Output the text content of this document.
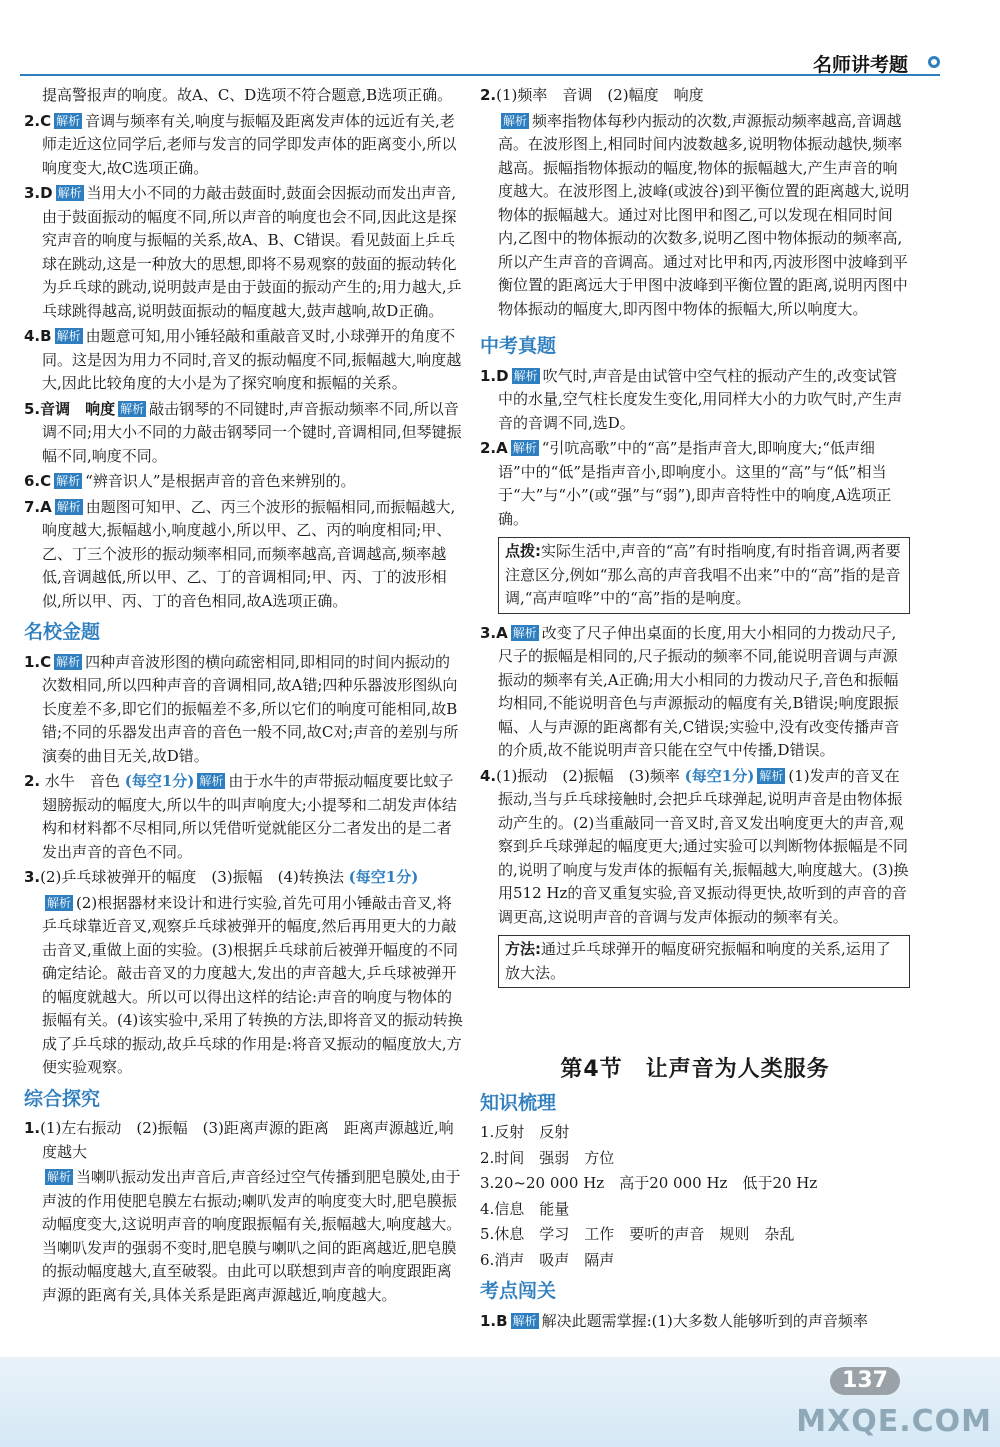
名师讲考题

提高警报声的响度。故A、C、D选项不符合题意,B选项正确。

2.C 解析 音调与频率有关,响度与振幅及距离发声体的远近有关,老师走近这位同学后,老师与发言的同学即发声体的距离变小,所以响度变大,故C选项正确。

3.D 解析 当用大小不同的力敲击鼓面时,鼓面会因振动而发出声音,由于鼓面振动的幅度不同,所以声音的响度也会不同,因此这是探究声音的响度与振幅的关系,故A、B、C错误。看见鼓面上乒乓球在跳动,这是一种放大的思想,即将不易观察的鼓面的振动转化为乒乓球的跳动,说明鼓声是由于鼓面的振动产生的;用力越大,乒乓球跳得越高,说明鼓面振动的幅度越大,鼓声越响,故D正确。

4.B 解析 由题意可知,用小锤轻敲和重敲音叉时,小球弹开的角度不同。这是因为用力不同时,音叉的振动幅度不同,振幅越大,响度越大,因此比较角度的大小是为了探究响度和振幅的关系。

5.音调　响度 解析 敲击钢琴的不同键时,声音振动频率不同,所以音调不同;用大小不同的力敲击钢琴同一个键时,音调相同,但琴键振幅不同,响度不同。

6.C 解析 “辨音识人”是根据声音的音色来辨别的。

7.A 解析 由题图可知甲、乙、丙三个波形的振幅相同,而振幅越大,响度越大,振幅越小,响度越小,所以甲、乙、丙的响度相同;甲、乙、丁三个波形的振动频率相同,而频率越高,音调越高,频率越低,音调越低,所以甲、乙、丁的音调相同;甲、丙、丁的波形相似,所以甲、丙、丁的音色相同,故A选项正确。

名校金题

1.C 解析 四种声音波形图的横向疏密相同,即相同的时间内振动的次数相同,所以四种声音的音调相同,故A错;四种乐器波形图纵向长度差不多,即它们的振幅差不多,所以它们的响度可能相同,故B错;不同的乐器发出声音的音色一般不同,故C对;声音的差别与所演奏的曲目无关,故D错。

2. 水牛　音色 (每空1分) 解析 由于水牛的声带振动幅度要比蚊子翅膀振动的幅度大,所以牛的叫声响度大;小提琴和二胡发声体结构和材料都不尽相同,所以凭借听觉就能区分二者发出的是二者发出声音的音色不同。

3.(2)乒乓球被弹开的幅度　(3)振幅　(4)转换法 (每空1分)

解析 (2)根据器材来设计和进行实验,首先可用小锤敲击音叉,将乒乓球靠近音叉,观察乒乓球被弹开的幅度,然后再用更大的力敲击音叉,重做上面的实验。(3)根据乒乓球前后被弹开幅度的不同确定结论。敲击音叉的力度越大,发出的声音越大,乒乓球被弹开的幅度就越大。所以可以得出这样的结论:声音的响度与物体的振幅有关。(4)该实验中,采用了转换的方法,即将音叉的振动转换成了乒乓球的振动,故乒乓球的作用是:将音叉振动的幅度放大,方便实验观察。

综合探究

1.(1)左右振动　(2)振幅　(3)距离声源的距离　距离声源越近,响度越大

解析 当喇叭振动发出声音后,声音经过空气传播到肥皂膜处,由于声波的作用使肥皂膜左右振动;喇叭发声的响度变大时,肥皂膜振动幅度变大,这说明声音的响度跟振幅有关,振幅越大,响度越大。当喇叭发声的强弱不变时,肥皂膜与喇叭之间的距离越近,肥皂膜的振动幅度越大,直至破裂。由此可以联想到声音的响度跟距离声源的距离有关,具体关系是距离声源越近,响度越大。

2.(1)频率　音调　(2)幅度　响度

解析 频率指物体每秒内振动的次数,声源振动频率越高,音调越高。在波形图上,相同时间内波数越多,说明物体振动越快,频率越高。振幅指物体振动的幅度,物体的振幅越大,产生声音的响度越大。在波形图上,波峰(或波谷)到平衡位置的距离越大,说明物体的振幅越大。通过对比图甲和图乙,可以发现在相同时间内,乙图中的物体振动的次数多,说明乙图中物体振动的频率高,所以产生声音的音调高。通过对比甲和丙,丙波形图中波峰到平衡位置的距离远大于甲图中波峰到平衡位置的距离,说明丙图中物体振动的幅度大,即丙图中物体的振幅大,所以响度大。

中考真题

1.D 解析 吹气时,声音是由试管中空气柱的振动产生的,改变试管中的水量,空气柱长度发生变化,用同样大小的力吹气时,产生声音的音调不同,选D。

2.A 解析 “引吭高歌”中的“高”是指声音大,即响度大;“低声细语”中的“低”是指声音小,即响度小。这里的“高”与“低”相当于“大”与“小”(或“强”与“弱”),即声音特性中的响度,A选项正确。

点拨:实际生活中,声音的“高”有时指响度,有时指音调,两者要注意区分,例如“那么高的声音我唱不出来”中的“高”指的是音调,“高声喧哗”中的“高”指的是响度。

3.A 解析 改变了尺子伸出桌面的长度,用大小相同的力拨动尺子,尺子的振幅是相同的,尺子振动的频率不同,能说明音调与声源振动的频率有关,A正确;用大小相同的力拨动尺子,音色和振幅均相同,不能说明音色与声源振动的幅度有关,B错误;响度跟振幅、人与声源的距离都有关,C错误;实验中,没有改变传播声音的介质,故不能说明声音只能在空气中传播,D错误。

4.(1)振动　(2)振幅　(3)频率 (每空1分) 解析 (1)发声的音叉在振动,当与乒乓球接触时,会把乒乓球弹起,说明声音是由物体振动产生的。(2)当重敲同一音叉时,音叉发出响度更大的声音,观察到乒乓球弹起的幅度更大;通过实验可以判断物体振幅是不同的,说明了响度与发声体的振幅有关,振幅越大,响度越大。(3)换用512 Hz的音叉重复实验,音叉振动得更快,故听到的声音的音调更高,这说明声音的音调与发声体振动的频率有关。

方法:通过乒乓球弹开的幅度研究振幅和响度的关系,运用了放大法。
第4节　让声音为人类服务
知识梳理

1.反射　反射

2.时间　强弱　方位

3.20~20 000 Hz　高于20 000 Hz　低于20 Hz

4.信息　能量

5.休息　学习　工作　要听的声音　规则　杂乱

6.消声　吸声　隔声

考点闯关

1.B 解析 解决此题需掌握:(1)大多数人能够听到的声音频率

137
MXQE.COM
